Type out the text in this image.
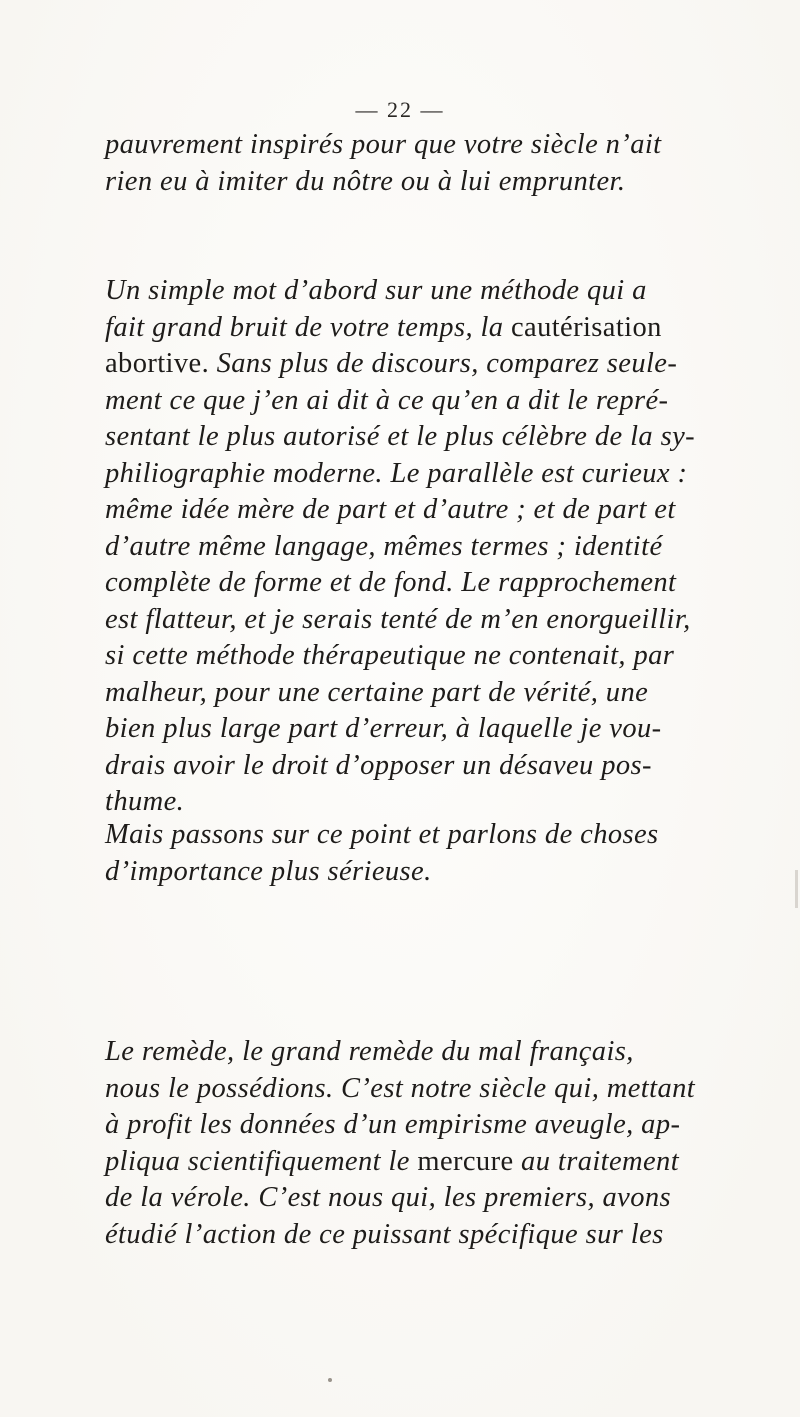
— 22 —
pauvrement inspirés pour que votre siècle n’ait
rien eu à imiter du nôtre ou à lui emprunter.
Un simple mot d’abord sur une méthode qui a
fait grand bruit de votre temps, la cautérisation
abortive. Sans plus de discours, comparez seule-
ment ce que j’en ai dit à ce qu’en a dit le repré-
sentant le plus autorisé et le plus célèbre de la sy-
philiographie moderne. Le parallèle est curieux :
même idée mère de part et d’autre ; et de part et
d’autre même langage, mêmes termes ; identité
complète de forme et de fond. Le rapprochement
est flatteur, et je serais tenté de m’en enorgueillir,
si cette méthode thérapeutique ne contenait, par
malheur, pour une certaine part de vérité, une
bien plus large part d’erreur, à laquelle je vou-
drais avoir le droit d’opposer un désaveu pos-
thume.
Mais passons sur ce point et parlons de choses
d’importance plus sérieuse.
Le remède, le grand remède du mal français,
nous le possédions. C’est notre siècle qui, mettant
à profit les données d’un empirisme aveugle, ap-
pliqua scientifiquement le mercure au traitement
de la vérole. C’est nous qui, les premiers, avons
étudié l’action de ce puissant spécifique sur les
